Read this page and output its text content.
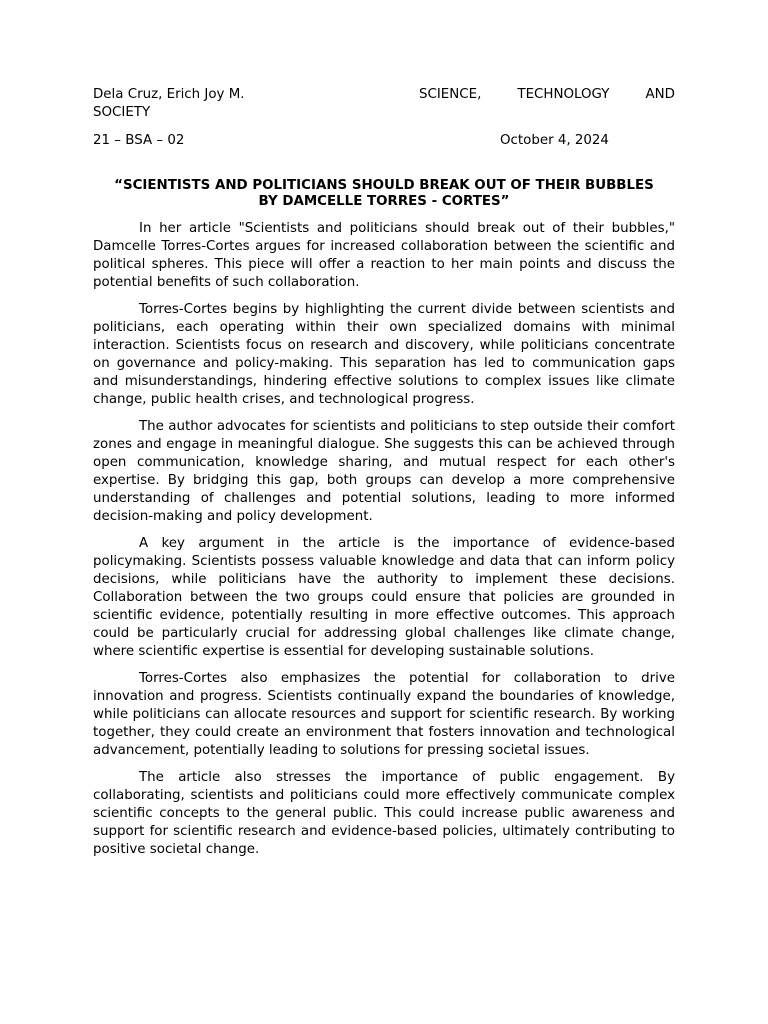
Dela Cruz, Erich Joy M.	SCIENCE,	TECHNOLOGY	AND
SOCIETY
21 – BSA – 02	October 4, 2024
“SCIENTISTS AND POLITICIANS SHOULD BREAK OUT OF THEIR BUBBLES
BY DAMCELLE TORRES - CORTES”

In her article "Scientists and politicians should break out of their bubbles," Damcelle Torres-Cortes argues for increased collaboration between the scientific and political spheres. This piece will offer a reaction to her main points and discuss the potential benefits of such collaboration.

Torres-Cortes begins by highlighting the current divide between scientists and politicians, each operating within their own specialized domains with minimal interaction. Scientists focus on research and discovery, while politicians concentrate on governance and policy-making. This separation has led to communication gaps and misunderstandings, hindering effective solutions to complex issues like climate change, public health crises, and technological progress.

The author advocates for scientists and politicians to step outside their comfort zones and engage in meaningful dialogue. She suggests this can be achieved through open communication, knowledge sharing, and mutual respect for each other's expertise. By bridging this gap, both groups can develop a more comprehensive understanding of challenges and potential solutions, leading to more informed decision-making and policy development.

A key argument in the article is the importance of evidence-based policymaking. Scientists possess valuable knowledge and data that can inform policy decisions, while politicians have the authority to implement these decisions. Collaboration between the two groups could ensure that policies are grounded in scientific evidence, potentially resulting in more effective outcomes. This approach could be particularly crucial for addressing global challenges like climate change, where scientific expertise is essential for developing sustainable solutions.

Torres-Cortes also emphasizes the potential for collaboration to drive innovation and progress. Scientists continually expand the boundaries of knowledge, while politicians can allocate resources and support for scientific research. By working together, they could create an environment that fosters innovation and technological advancement, potentially leading to solutions for pressing societal issues.

The article also stresses the importance of public engagement. By collaborating, scientists and politicians could more effectively communicate complex scientific concepts to the general public. This could increase public awareness and support for scientific research and evidence-based policies, ultimately contributing to positive societal change.
